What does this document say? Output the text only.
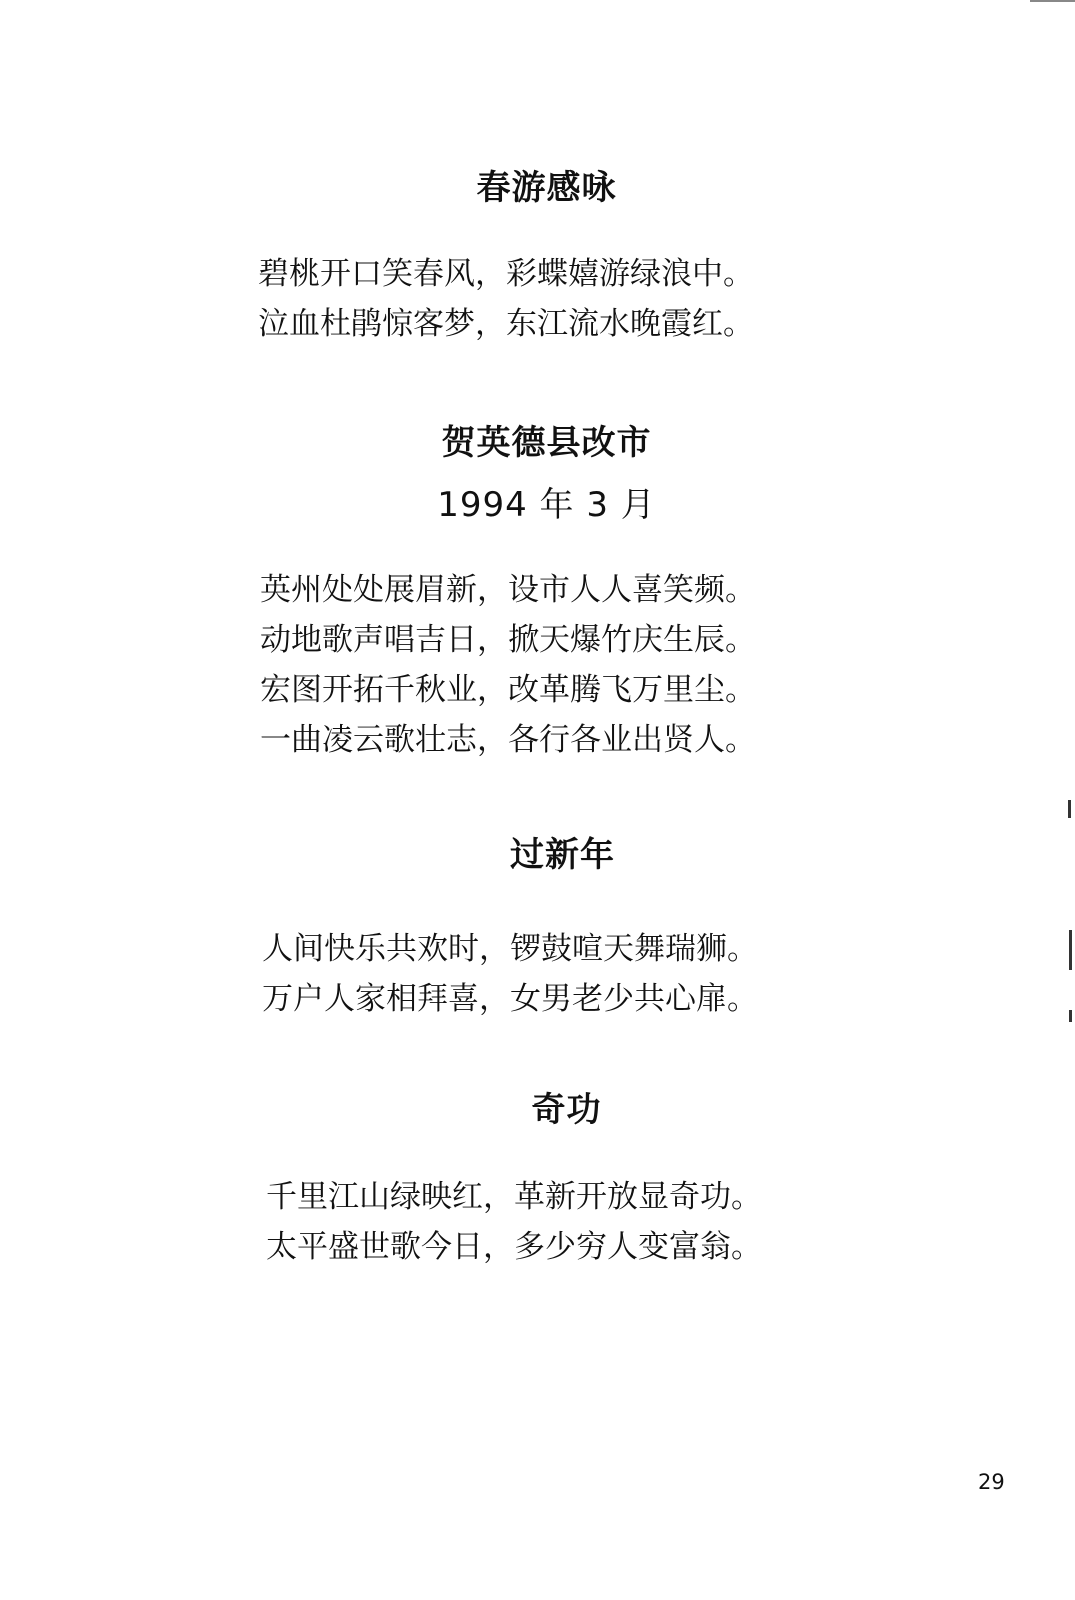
春游感咏
碧桃开口笑春风，彩蝶嬉游绿浪中。
泣血杜鹃惊客梦，东江流水晚霞红。
贺英德县改市
1994 年 3 月
英州处处展眉新，设市人人喜笑频。
动地歌声唱吉日，掀天爆竹庆生辰。
宏图开拓千秋业，改革腾飞万里尘。
一曲凌云歌壮志，各行各业出贤人。
过新年
人间快乐共欢时，锣鼓喧天舞瑞狮。
万户人家相拜喜，女男老少共心扉。
奇功
千里江山绿映红，革新开放显奇功。
太平盛世歌今日，多少穷人变富翁。
29
